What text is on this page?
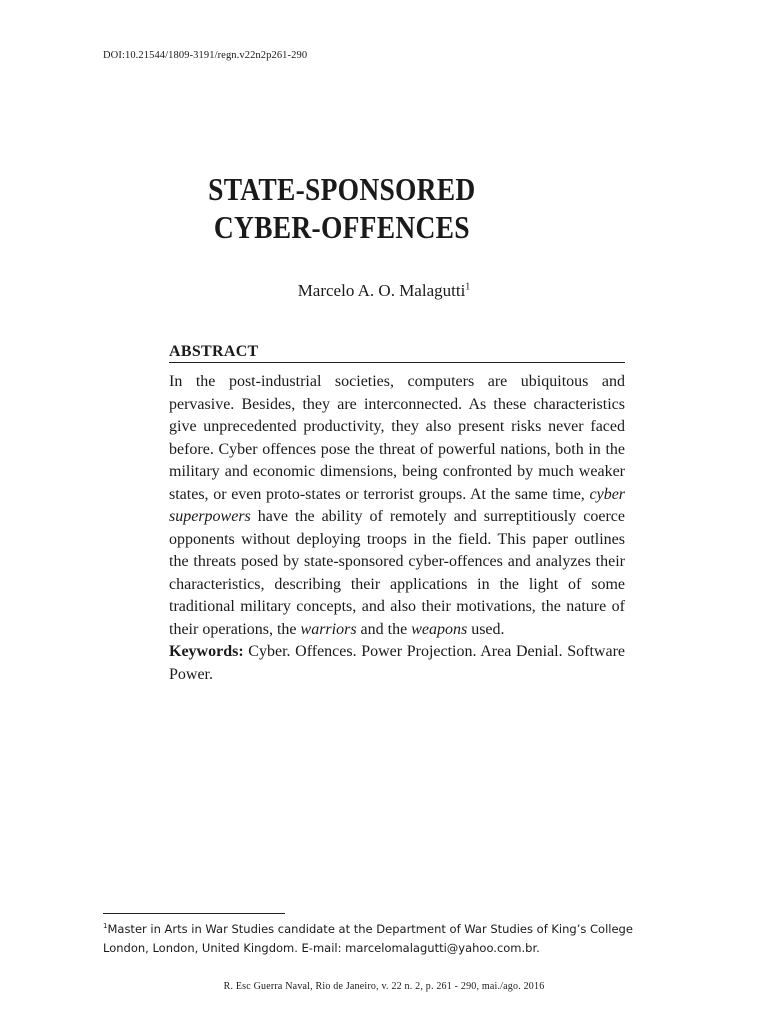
DOI:10.21544/1809-3191/regn.v22n2p261-290
STATE-SPONSORED
CYBER-OFFENCES
Marcelo A. O. Malagutti$^1$
ABSTRACT

In the post-industrial societies, computers are ubiquitous and pervasive. Besides, they are interconnected. As these characteristics give unprecedented productivity, they also present risks never faced before. Cyber offences pose the threat of powerful nations, both in the military and economic dimensions, being confronted by much weaker states, or even proto-states or terrorist groups. At the same time, cyber superpowers have the ability of remotely and surreptitiously coerce opponents without deploying troops in the field. This paper outlines the threats posed by state-sponsored cyber-offences and analyzes their characteristics, describing their applications in the light of some traditional military concepts, and also their motivations, the nature of their operations, the warriors and the weapons used.

Keywords: Cyber. Offences. Power Projection. Area Denial. Software Power.

$^1$Master in Arts in War Studies candidate at the Department of War Studies of King’s College London, London, United Kingdom. E-mail: marcelomalagutti@yahoo.com.br.
R. Esc Guerra Naval, Rio de Janeiro, v. 22 n. 2, p. 261 - 290, mai./ago. 2016
